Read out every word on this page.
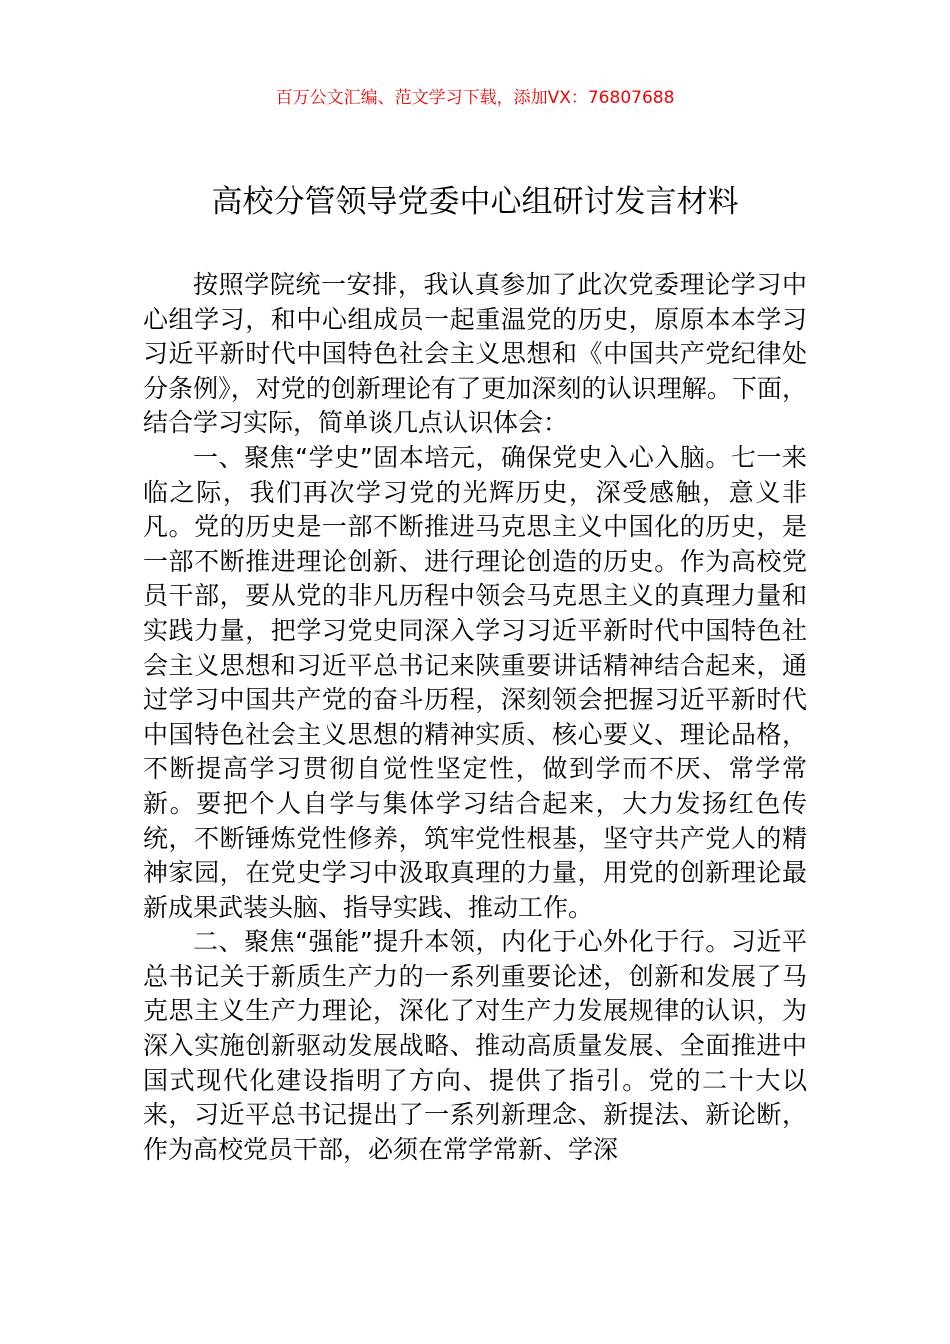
百万公文汇编、范文学习下载，添加VX：76807688
高校分管领导党委中心组研讨发言材料

按照学院统一安排，我认真参加了此次党委理论学习中心组学习，和中心组成员一起重温党的历史，原原本本学习习近平新时代中国特色社会主义思想和《中国共产党纪律处分条例》，对党的创新理论有了更加深刻的认识理解。下面，结合学习实际，简单谈几点认识体会：

一、聚焦“学史”固本培元，确保党史入心入脑。七一来临之际，我们再次学习党的光辉历史，深受感触，意义非凡。党的历史是一部不断推进马克思主义中国化的历史，是一部不断推进理论创新、进行理论创造的历史。作为高校党员干部，要从党的非凡历程中领会马克思主义的真理力量和实践力量，把学习党史同深入学习习近平新时代中国特色社会主义思想和习近平总书记来陕重要讲话精神结合起来，通过学习中国共产党的奋斗历程，深刻领会把握习近平新时代中国特色社会主义思想的精神实质、核心要义、理论品格，不断提高学习贯彻自觉性坚定性，做到学而不厌、常学常新。要把个人自学与集体学习结合起来，大力发扬红色传统，不断锤炼党性修养，筑牢党性根基，坚守共产党人的精神家园，在党史学习中汲取真理的力量，用党的创新理论最新成果武装头脑、指导实践、推动工作。

二、聚焦“强能”提升本领，内化于心外化于行。习近平总书记关于新质生产力的一系列重要论述，创新和发展了马克思主义生产力理论，深化了对生产力发展规律的认识，为深入实施创新驱动发展战略、推动高质量发展、全面推进中国式现代化建设指明了方向、提供了指引。党的二十大以来，习近平总书记提出了一系列新理念、新提法、新论断，作为高校党员干部，必须在常学常新、学深
